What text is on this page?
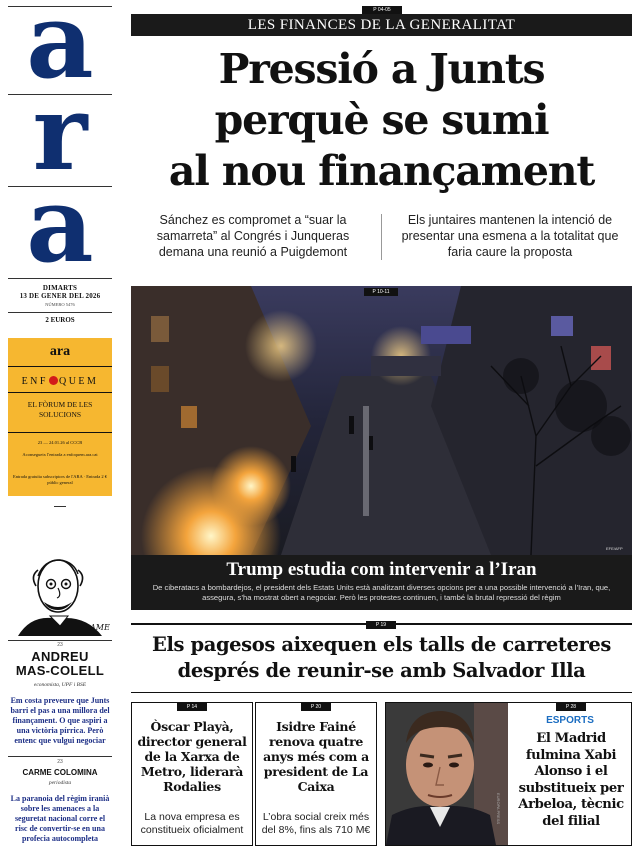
a
r
a
DIMARTS
13 DE GENER DEL 2026
NÚMERO 5476
2 EUROS
ara
ENF QUEM
EL FÒRUM DE LES SOLUCIONS
23 — 24.01.26 al CCCB
Aconsegueix l'entrada a enfoquem.ara.cat
Entrada gratuïta subscriptors de l'ARA · Entrada 2 € públic general
AME
23
ANDREU
MAS-COLELL
economista, UPF i BSE
Em costa preveure que Junts barri el pas a una millora del finançament. O que aspiri a una victòria pírrica. Però entenc que vulgui negociar
23
CARME COLOMINA
periodista
La paranoia del règim iranià sobre les amenaces a la seguretat nacional corre el risc de convertir-se en una profecia autocompleta
P 04-05
LES FINANCES DE LA GENERALITAT
Pressió a Junts
perquè se sumi
al nou finançament
Sánchez es compromet a “suar la samarreta” al Congrés i Junqueras demana una reunió a Puigdemont
Els juntaires mantenen la intenció de presentar una esmena a la totalitat que faria caure la proposta
EFE/AFP
P 10-11
Trump estudia com intervenir a l’Iran
De ciberatacs a bombardejos, el president dels Estats Units està analitzant diverses opcions per a una possible intervenció a l’Iran, que, assegura, s’ha mostrat obert a negociar. Però les protestes continuen, i també la brutal repressió del règim
P 19
Els pagesos aixequen els talls de carreteres
després de reunir-se amb Salvador Illa
P 14
Òscar Playà, director general de la Xarxa de Metro, liderarà Rodalies
La nova empresa es constitueix oficialment
P 20
Isidre Fainé renova quatre anys més com a president de La Caixa
L’obra social creix més del 8%, fins als 710 M€
EUROPA PRESS
P 28
ESPORTS
El Madrid fulmina Xabi Alonso i el substitueix per Arbeloa, tècnic del filial
